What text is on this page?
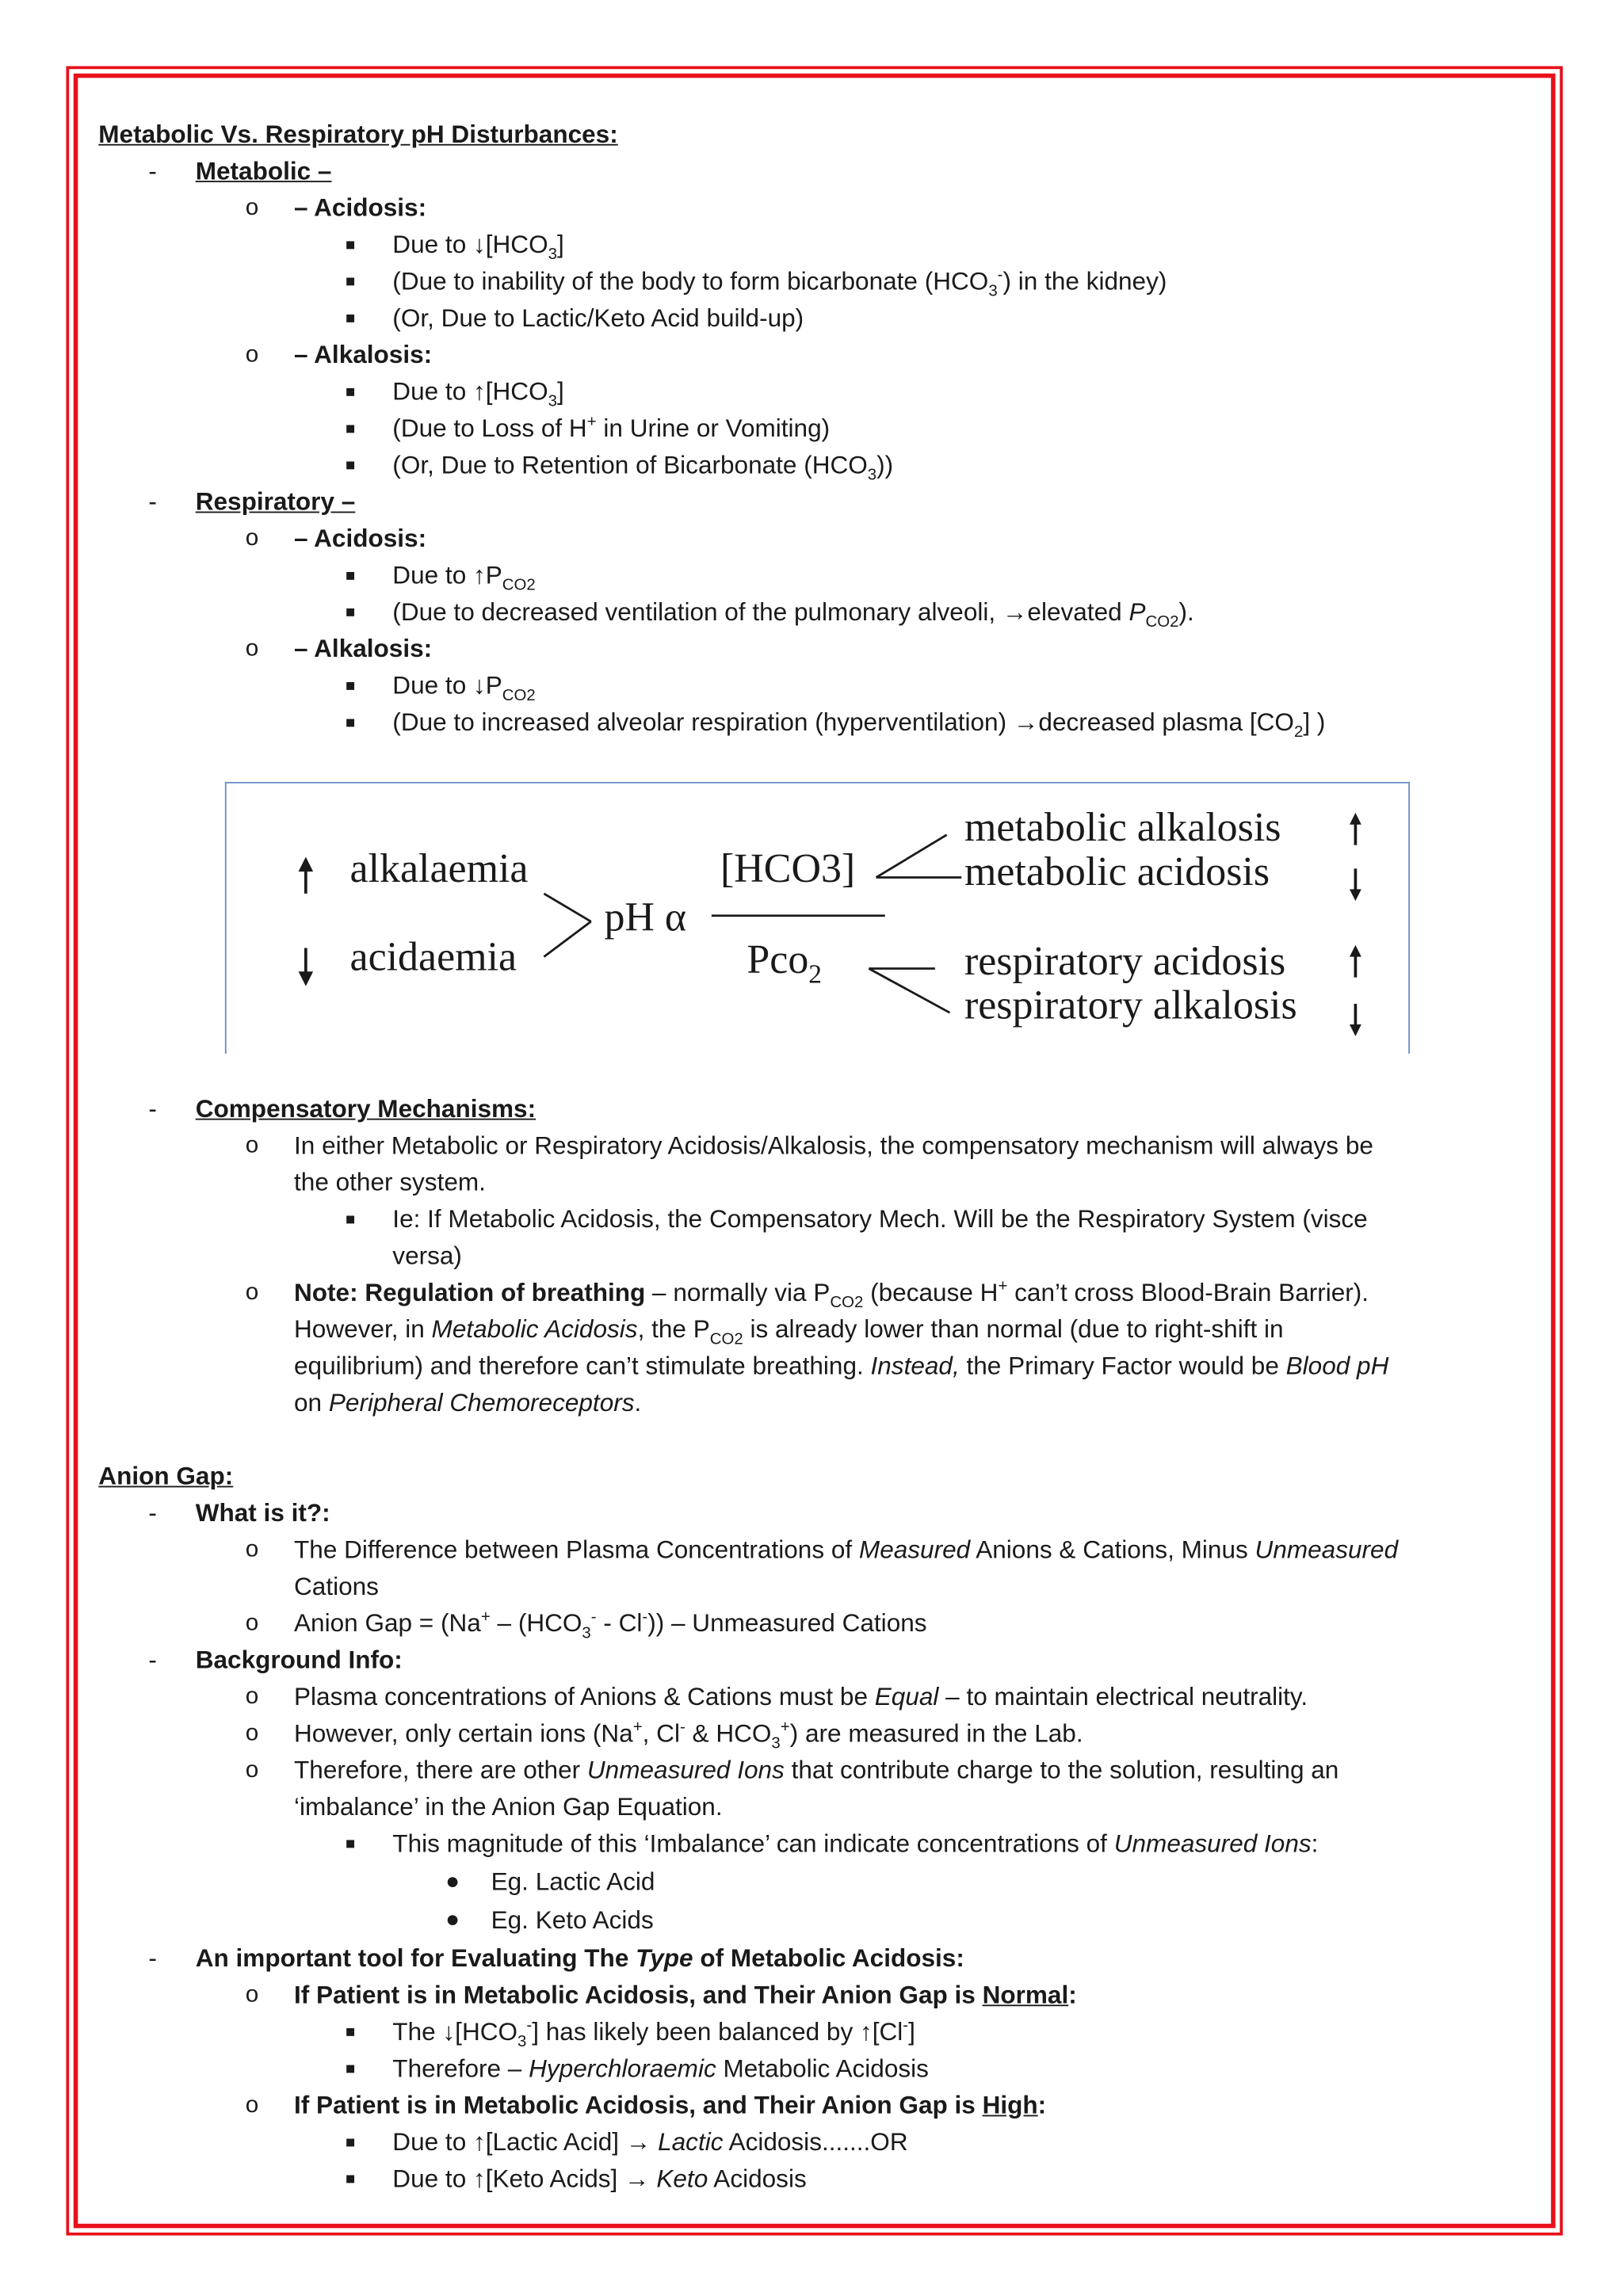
Metabolic Vs. Respiratory pH Disturbances:
-	Metabolic –
o	– Acidosis:
■	Due to $↓[HCO_3]$
■	(Due to inability of the body to form bicarbonate $(HCO_3^-)$ in the kidney)
■	(Or, Due to Lactic/Keto Acid build-up)
o	– Alkalosis:
■	Due to $↑[HCO_3]$
■	(Due to Loss of H+ in Urine or Vomiting)
■	(Or, Due to Retention of Bicarbonate $(HCO_3)$)
-	Respiratory –
o	– Acidosis:
■	Due to $↑P_{CO2}$
■	(Due to decreased ventilation of the pulmonary alveoli, →elevated $P_{CO2}$).
o	– Alkalosis:
■	Due to $↓P_{CO2}$
■	(Due to increased alveolar respiration (hyperventilation) →decreased plasma $[CO_2]$ )
alkalaemia
acidaemia
pH α
[HCO3]
Pco$_2$
metabolic alkalosis
metabolic acidosis
respiratory acidosis
respiratory alkalosis
-	Compensatory Mechanisms:
o	In either Metabolic or Respiratory Acidosis/Alkalosis, the compensatory mechanism will always be
the other system.
■	Ie: If Metabolic Acidosis, the Compensatory Mech. Will be the Respiratory System (visce
versa)
o	Note: Regulation of breathing – normally via $P_{CO2}$ (because H+ can’t cross Blood-Brain Barrier).
However, in Metabolic Acidosis, the $P_{CO2}$ is already lower than normal (due to right-shift in
equilibrium) and therefore can’t stimulate breathing. Instead, the Primary Factor would be Blood pH
on Peripheral Chemoreceptors.
Anion Gap:
-	What is it?:
o	The Difference between Plasma Concentrations of Measured Anions & Cations, Minus Unmeasured
Cations
o	Anion Gap = $(Na^+ - (HCO_3^- - Cl^-))$ – Unmeasured Cations
-	Background Info:
o	Plasma concentrations of Anions & Cations must be Equal – to maintain electrical neutrality.
o	However, only certain ions (Na+, Cl- & $HCO_3^+$) are measured in the Lab.
o	Therefore, there are other Unmeasured Ions that contribute charge to the solution, resulting an
‘imbalance’ in the Anion Gap Equation.
■	This magnitude of this ‘Imbalance’ can indicate concentrations of Unmeasured Ions:
● Eg. Lactic Acid
● Eg. Keto Acids
-	An important tool for Evaluating The Type of Metabolic Acidosis:
o	If Patient is in Metabolic Acidosis, and Their Anion Gap is Normal:
■	The $↓[HCO_3^-]$ has likely been balanced by ↑[Cl-]
■	Therefore – Hyperchloraemic Metabolic Acidosis
o	If Patient is in Metabolic Acidosis, and Their Anion Gap is High:
■	Due to ↑[Lactic Acid] → Lactic Acidosis.......OR
■	Due to ↑[Keto Acids] → Keto Acidosis
